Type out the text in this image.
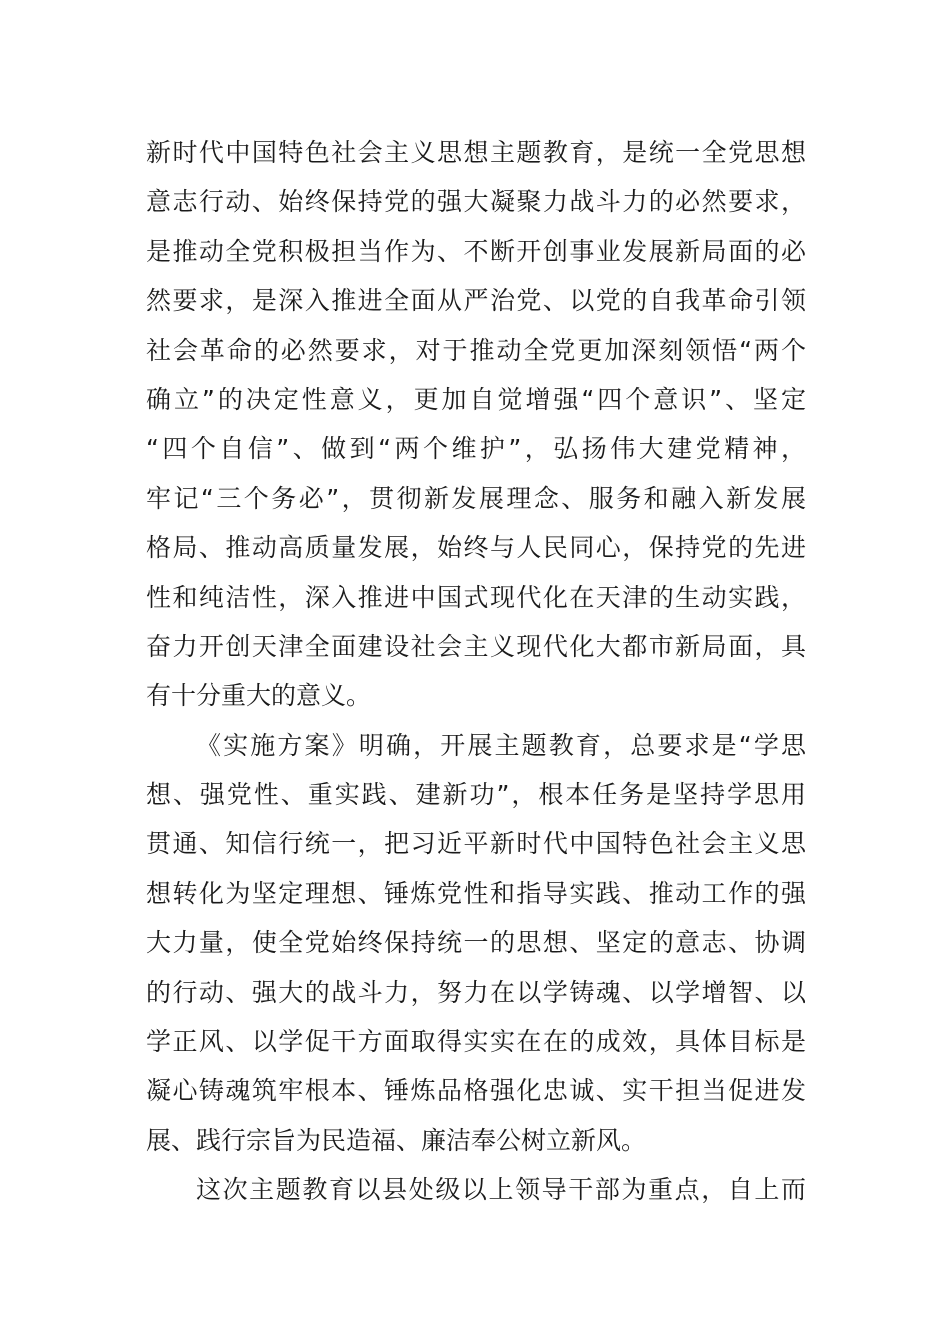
新时代中国特色社会主义思想主题教育，是统一全党思想
意志行动、始终保持党的强大凝聚力战斗力的必然要求，
是推动全党积极担当作为、不断开创事业发展新局面的必
然要求，是深入推进全面从严治党、以党的自我革命引领
社会革命的必然要求，对于推动全党更加深刻领悟“两个
确立”的决定性意义，更加自觉增强“四个意识”、坚定
“四个自信”、做到“两个维护”，弘扬伟大建党精神，
牢记“三个务必”，贯彻新发展理念、服务和融入新发展
格局、推动高质量发展，始终与人民同心，保持党的先进
性和纯洁性，深入推进中国式现代化在天津的生动实践，
奋力开创天津全面建设社会主义现代化大都市新局面，具
有十分重大的意义。
《实施方案》明确，开展主题教育，总要求是“学思
想、强党性、重实践、建新功”，根本任务是坚持学思用
贯通、知信行统一，把习近平新时代中国特色社会主义思
想转化为坚定理想、锤炼党性和指导实践、推动工作的强
大力量，使全党始终保持统一的思想、坚定的意志、协调
的行动、强大的战斗力，努力在以学铸魂、以学增智、以
学正风、以学促干方面取得实实在在的成效，具体目标是
凝心铸魂筑牢根本、锤炼品格强化忠诚、实干担当促进发
展、践行宗旨为民造福、廉洁奉公树立新风。
这次主题教育以县处级以上领导干部为重点，自上而
